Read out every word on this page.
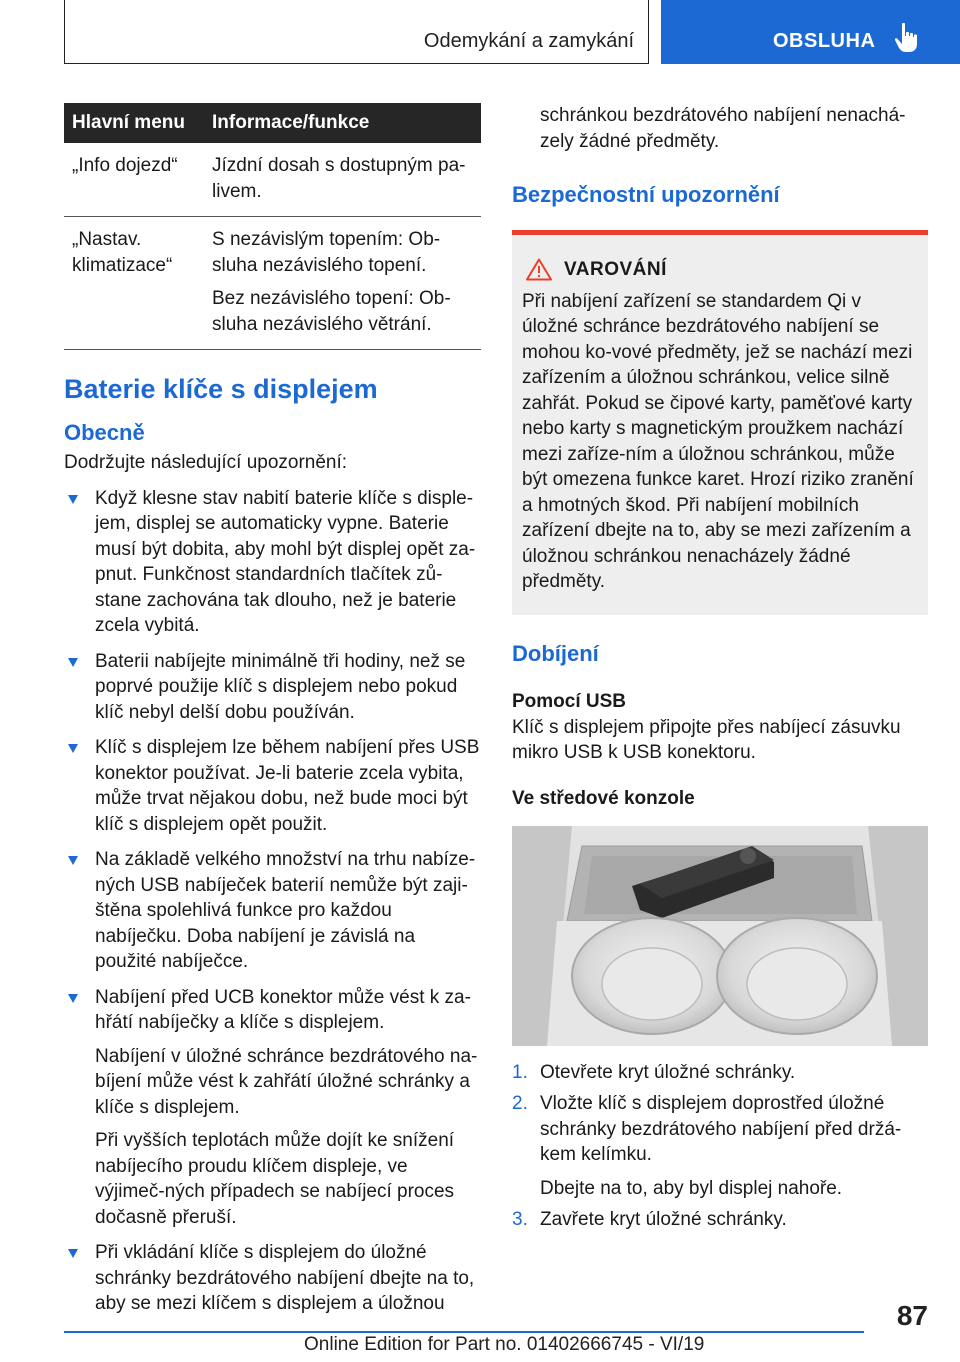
Odemykání a zamykání	OBSLUHA
Hlavní menu	Informace/funkce
„Info dojezd“	Jízdní dosah s dostupným pa-livem.

„Nastav. klimatizace“	S nezávislým topením: Ob-sluha nezávislého topení.

Bez nezávislého topení: Ob-sluha nezávislého větrání.

Baterie klíče s displejem
Obecně

Dodržujte následující upozornění:

Když klesne stav nabití baterie klíče s disple-jem, displej se automaticky vypne. Baterie musí být dobita, aby mohl být displej opět za-pnut. Funkčnost standardních tlačítek zů-stane zachována tak dlouho, než je baterie zcela vybitá.

Baterii nabíjejte minimálně tři hodiny, než se poprvé použije klíč s displejem nebo pokud klíč nebyl delší dobu používán.

Klíč s displejem lze během nabíjení přes USB konektor používat. Je-li baterie zcela vybita, může trvat nějakou dobu, než bude moci být klíč s displejem opět použit.

Na základě velkého množství na trhu nabíze-ných USB nabíječek baterií nemůže být zaji-štěna spolehlivá funkce pro každou nabíječku. Doba nabíjení je závislá na použité nabíječce.

Nabíjení před UCB konektor může vést k za-hřátí nabíječky a klíče s displejem.

Nabíjení v úložné schránce bezdrátového na-bíjení může vést k zahřátí úložné schránky a klíče s displejem.

Při vyšších teplotách může dojít ke snížení nabíjecího proudu klíčem displeje, ve výjimeč-ných případech se nabíjecí proces dočasně přeruší.

Při vkládání klíče s displejem do úložné schránky bezdrátového nabíjení dbejte na to, aby se mezi klíčem s displejem a úložnou

schránkou bezdrátového nabíjení nenachá-zely žádné předměty.

Bezpečnostní upozornění
VAROVÁNÍ

Při nabíjení zařízení se standardem Qi v úložné schránce bezdrátového nabíjení se mohou ko-vové předměty, jež se nachází mezi zařízením a úložnou schránkou, velice silně zahřát. Pokud se čipové karty, paměťové karty nebo karty s magnetickým proužkem nachází mezi zaříze-ním a úložnou schránkou, může být omezena funkce karet. Hrozí riziko zranění a hmotných škod. Při nabíjení mobilních zařízení dbejte na to, aby se mezi zařízením a úložnou schránkou nenacházely žádné předměty.

Dobíjení
Pomocí USB

Klíč s displejem připojte přes nabíjecí zásuvku mikro USB k USB konektoru.

Ve středové konzole
1. Otevřete kryt úložné schránky.

2. Vložte klíč s displejem doprostřed úložné schránky bezdrátového nabíjení před držá-kem kelímku.

Dbejte na to, aby byl displej nahoře.

3. Zavřete kryt úložné schránky.

87
Online Edition for Part no. 01402666745 - VI/19
